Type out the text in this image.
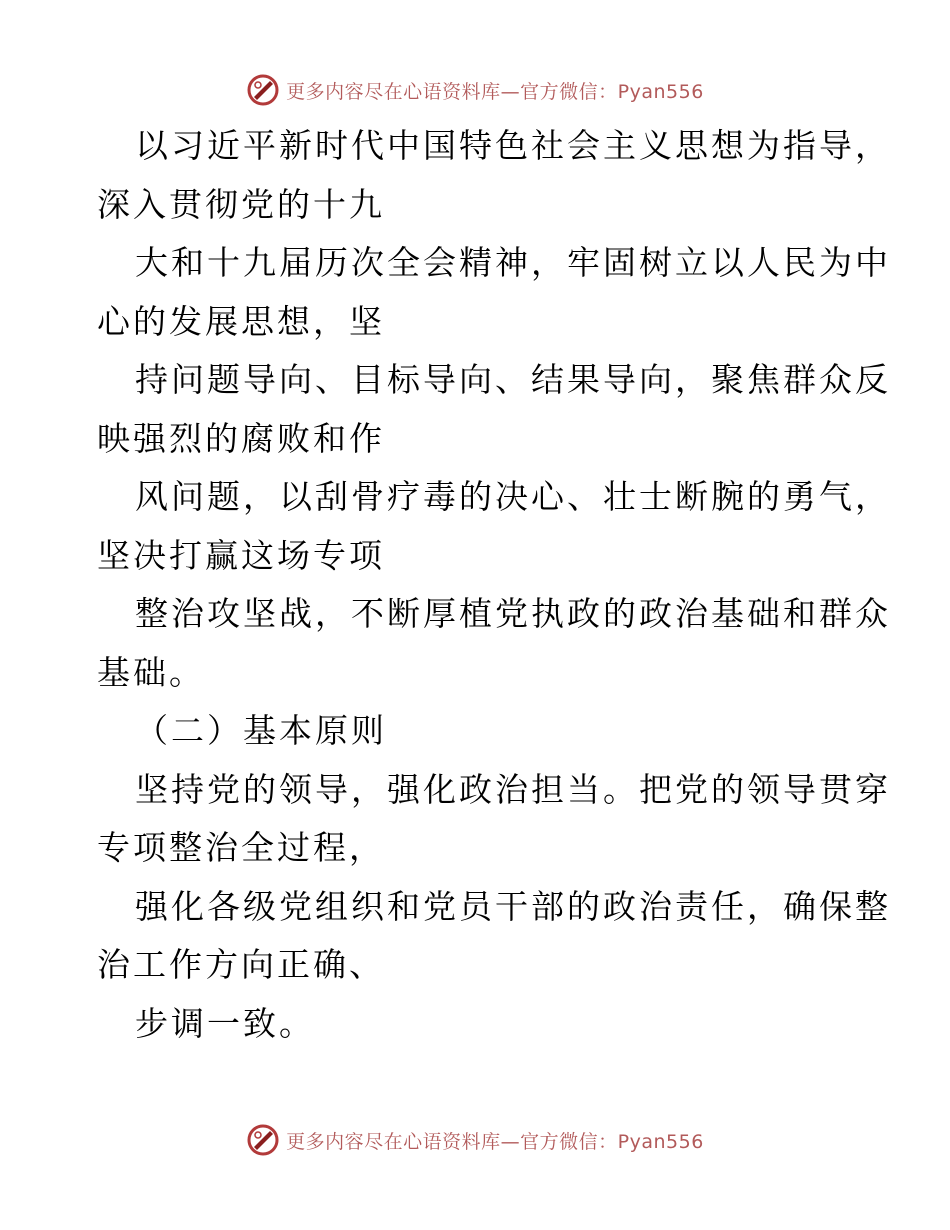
更多内容尽在心语资料库—官方微信：Pyan556
以习近平新时代中国特色社会主义思想为指导，
深入贯彻党的十九
大和十九届历次全会精神，牢固树立以人民为中
心的发展思想，坚
持问题导向、目标导向、结果导向，聚焦群众反
映强烈的腐败和作
风问题，以刮骨疗毒的决心、壮士断腕的勇气，
坚决打赢这场专项
整治攻坚战，不断厚植党执政的政治基础和群众
基础。
（二）基本原则
坚持党的领导，强化政治担当。把党的领导贯穿
专项整治全过程，
强化各级党组织和党员干部的政治责任，确保整
治工作方向正确、
步调一致。
更多内容尽在心语资料库—官方微信：Pyan556
